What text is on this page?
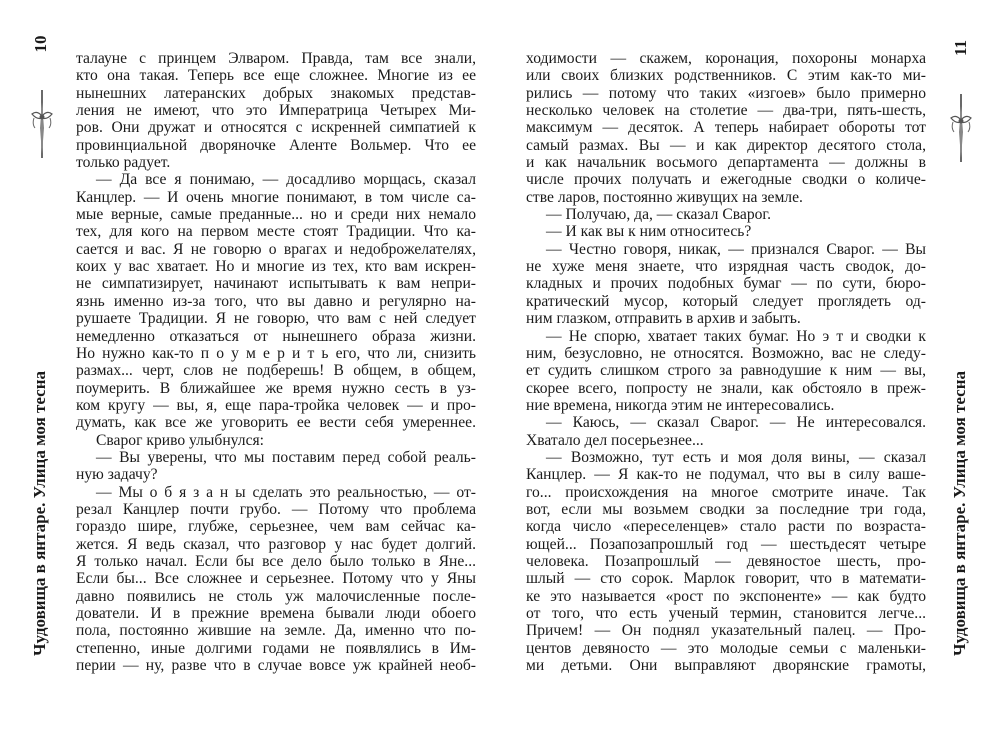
10
Чудовища в янтаре. Улица моя тесна
талауне с принцем Элваром. Правда, там все знали,
кто она такая. Теперь все еще сложнее. Многие из ее
нынешних латеранских добрых знакомых представ-
ления не имеют, что это Императрица Четырех Ми-
ров. Они дружат и относятся с искренней симпатией к
провинциальной дворяночке Аленте Вольмер. Что ее
только радует.
— Да все я понимаю, — досадливо морщась, сказал
Канцлер. — И очень многие понимают, в том числе са-
мые верные, самые преданные... но и среди них немало
тех, для кого на первом месте стоят Традиции. Что ка-
сается и вас. Я не говорю о врагах и недоброжелателях,
коих у вас хватает. Но и многие из тех, кто вам искрен-
не симпатизирует, начинают испытывать к вам непри-
язнь именно из-за того, что вы давно и регулярно на-
рушаете Традиции. Я не говорю, что вам с ней следует
немедленно отказаться от нынешнего образа жизни.
Но нужно как-то п о у м е р и т ь его, что ли, снизить
размах... черт, слов не подберешь! В общем, в общем,
поумерить. В ближайшее же время нужно сесть в уз-
ком кругу — вы, я, еще пара-тройка человек — и про-
думать, как все же уговорить ее вести себя умереннее.
Сварог криво улыбнулся:
— Вы уверены, что мы поставим перед собой реаль-
ную задачу?
— Мы о б я з а н ы сделать это реальностью, — от-
резал Канцлер почти грубо. — Потому что проблема
гораздо шире, глубже, серьезнее, чем вам сейчас ка-
жется. Я ведь сказал, что разговор у нас будет долгий.
Я только начал. Если бы все дело было только в Яне...
Если бы... Все сложнее и серьезнее. Потому что у Яны
давно появились не столь уж малочисленные после-
дователи. И в прежние времена бывали люди обоего
пола, постоянно жившие на земле. Да, именно что по-
степенно, иные долгими годами не появлялись в Им-
перии — ну, разве что в случае вовсе уж крайней необ-
11
Чудовища в янтаре. Улица моя тесна
ходимости — скажем, коронация, похороны монарха
или своих близких родственников. С этим как-то ми-
рились — потому что таких «изгоев» было примерно
несколько человек на столетие — два-три, пять-шесть,
максимум — десяток. А теперь набирает обороты тот
самый размах. Вы — и как директор десятого стола,
и как начальник восьмого департамента — должны в
числе прочих получать и ежегодные сводки о количе-
стве ларов, постоянно живущих на земле.
— Получаю, да, — сказал Сварог.
— И как вы к ним относитесь?
— Честно говоря, никак, — признался Сварог. — Вы
не хуже меня знаете, что изрядная часть сводок, до-
кладных и прочих подобных бумаг — по сути, бюро-
кратический мусор, который следует проглядеть од-
ним глазком, отправить в архив и забыть.
— Не спорю, хватает таких бумаг. Но э т и сводки к
ним, безусловно, не относятся. Возможно, вас не следу-
ет судить слишком строго за равнодушие к ним — вы,
скорее всего, попросту не знали, как обстояло в преж-
ние времена, никогда этим не интересовались.
— Каюсь, — сказал Сварог. — Не интересовался.
Хватало дел посерьезнее...
— Возможно, тут есть и моя доля вины, — сказал
Канцлер. — Я как-то не подумал, что вы в силу ваше-
го... происхождения на многое смотрите иначе. Так
вот, если мы возьмем сводки за последние три года,
когда число «переселенцев» стало расти по возраста-
ющей... Позапозапрошлый год — шестьдесят четыре
человека. Позапрошлый — девяностое шесть, про-
шлый — сто сорок. Марлок говорит, что в математи-
ке это называется «рост по экспоненте» — как будто
от того, что есть ученый термин, становится легче...
Причем! — Он поднял указательный палец. — Про-
центов девяносто — это молодые семьи с маленьки-
ми детьми. Они выправляют дворянские грамоты,
